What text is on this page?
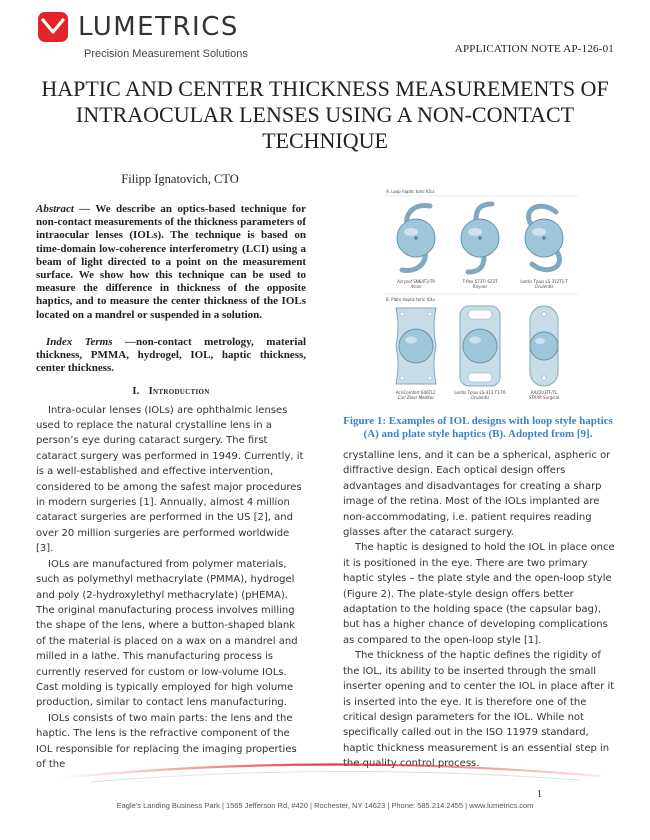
LUMETRICS
Precision Measurement Solutions	APPLICATION NOTE AP-126-01
HAPTIC AND CENTER THICKNESS MEASUREMENTS OF INTRAOCULAR LENSES USING A NON-CONTACT TECHNIQUE
Filipp Ignatovich, CTO
Abstract — We describe an optics-based technique for non-contact measurements of the thickness parameters of intraocular lenses (IOLs). The technique is based on time-domain low-coherence interferometry (LCI) using a beam of light directed to a point on the measurement surface. We show how this technique can be used to measure the difference in thickness of the opposite haptics, and to measure the center thickness of the IOLs located on a mandrel or suspended in a solution.
Index Terms —non-contact metrology, material thickness, PMMA, hydrogel, IOL, haptic thickness, center thickness.
I. Introduction

Intra-ocular lenses (IOLs) are ophthalmic lenses used to replace the natural crystalline lens in a person’s eye during cataract surgery. The first cataract surgery was performed in 1949. Currently, it is a well-established and effective intervention, considered to be among the safest major procedures in modern surgeries [1]. Annually, almost 4 million cataract surgeries are performed in the US [2], and over 20 million surgeries are performed worldwide [3].

IOLs are manufactured from polymer materials, such as polymethyl methacrylate (PMMA), hydrogel and poly (2-hydroxylethyl methacrylate) (pHEMA). The original manufacturing process involves milling the shape of the lens, where a button-shaped blank of the material is placed on a wax on a mandrel and milled in a lathe. This manufacturing process is currently reserved for custom or low-volume IOLs. Cast molding is typically employed for high volume production, similar to contact lens manufacturing.

IOLs consists of two main parts: the lens and the haptic. The lens is the refractive component of the IOL responsible for replacing the imaging properties of the

A. Loop haptic toric IOLs
Acrysof SN6AT3-T9
Alcon
T-flex 573T/ 623T
Rayner
Lentis Tplus LS 312T1-T
Oculentis
B. Plate haptic toric IOLs
AcriComfort 646TLC
Carl Zeiss Meditec
Lentis Tplus LS-313 T1-T6
Oculentis
AA4203TF/TL
STAAR Surgical
Figure 1: Examples of IOL designs with loop style haptics (A) and plate style haptics (B). Adopted from [9].

crystalline lens, and it can be a spherical, aspheric or diffractive design. Each optical design offers advantages and disadvantages for creating a sharp image of the retina. Most of the IOLs implanted are non-accommodating, i.e. patient requires reading glasses after the cataract surgery.

The haptic is designed to hold the IOL in place once it is positioned in the eye. There are two primary haptic styles – the plate style and the open-loop style (Figure 2). The plate-style design offers better adaptation to the holding space (the capsular bag), but has a higher chance of developing complications as compared to the open-loop style [1].

The thickness of the haptic defines the rigidity of the IOL, its ability to be inserted through the small inserter opening and to center the IOL in place after it is inserted into the eye. It is therefore one of the critical design parameters for the IOL. While not specifically called out in the ISO 11979 standard, haptic thickness measurement is an essential step in the quality control process.

1
Eagle’s Landing Business Park | 1565 Jefferson Rd, #420 | Rochester, NY 14623 | Phone: 585.214.2455 | www.lumetrics.com
